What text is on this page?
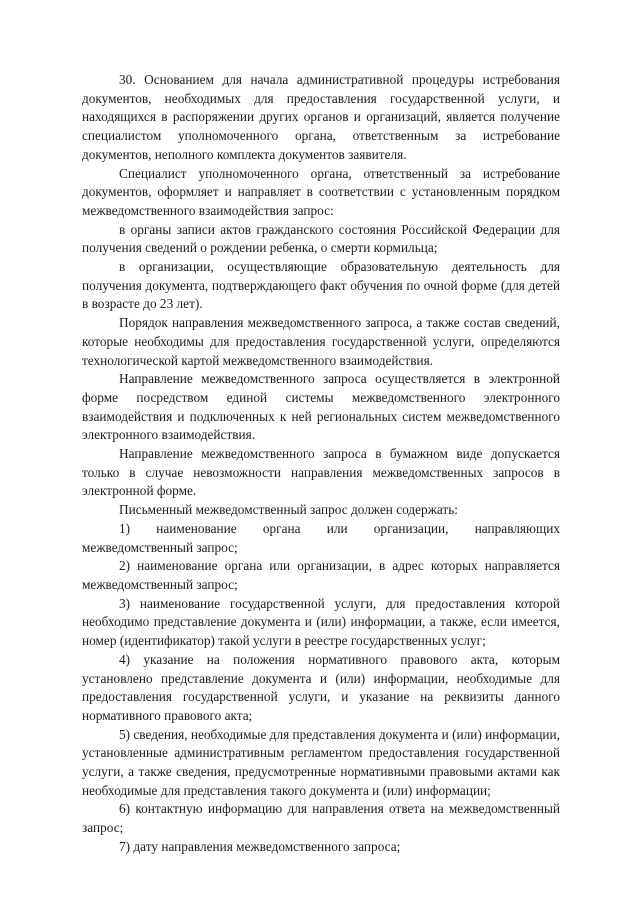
30. Основанием для начала административной процедуры истребования документов, необходимых для предоставления государственной услуги, и находящихся в распоряжении других органов и организаций, является получение специалистом уполномоченного органа, ответственным за истребование документов, неполного комплекта документов заявителя.

Специалист уполномоченного органа, ответственный за истребование документов, оформляет и направляет в соответствии с установленным порядком межведомственного взаимодействия запрос:

в органы записи актов гражданского состояния Российской Федерации для получения сведений о рождении ребенка, о смерти кормильца;

в организации, осуществляющие образовательную деятельность для получения документа, подтверждающего факт обучения по очной форме (для детей в возрасте до 23 лет).

Порядок направления межведомственного запроса, а также состав сведений, которые необходимы для предоставления государственной услуги, определяются технологической картой межведомственного взаимодействия.

Направление межведомственного запроса осуществляется в электронной форме посредством единой системы межведомственного электронного взаимодействия и подключенных к ней региональных систем межведомственного электронного взаимодействия.

Направление межведомственного запроса в бумажном виде допускается только в случае невозможности направления межведомственных запросов в электронной форме.

Письменный межведомственный запрос должен содержать:

1) наименование органа или организации, направляющих межведомственный запрос;

2) наименование органа или организации, в адрес которых направляется межведомственный запрос;

3) наименование государственной услуги, для предоставления которой необходимо представление документа и (или) информации, а также, если имеется, номер (идентификатор) такой услуги в реестре государственных услуг;

4) указание на положения нормативного правового акта, которым установлено представление документа и (или) информации, необходимые для предоставления государственной услуги, и указание на реквизиты данного нормативного правового акта;

5) сведения, необходимые для представления документа и (или) информации, установленные административным регламентом предоставления государственной услуги, а также сведения, предусмотренные нормативными правовыми актами как необходимые для представления такого документа и (или) информации;

6) контактную информацию для направления ответа на межведомственный запрос;

7) дату направления межведомственного запроса;
